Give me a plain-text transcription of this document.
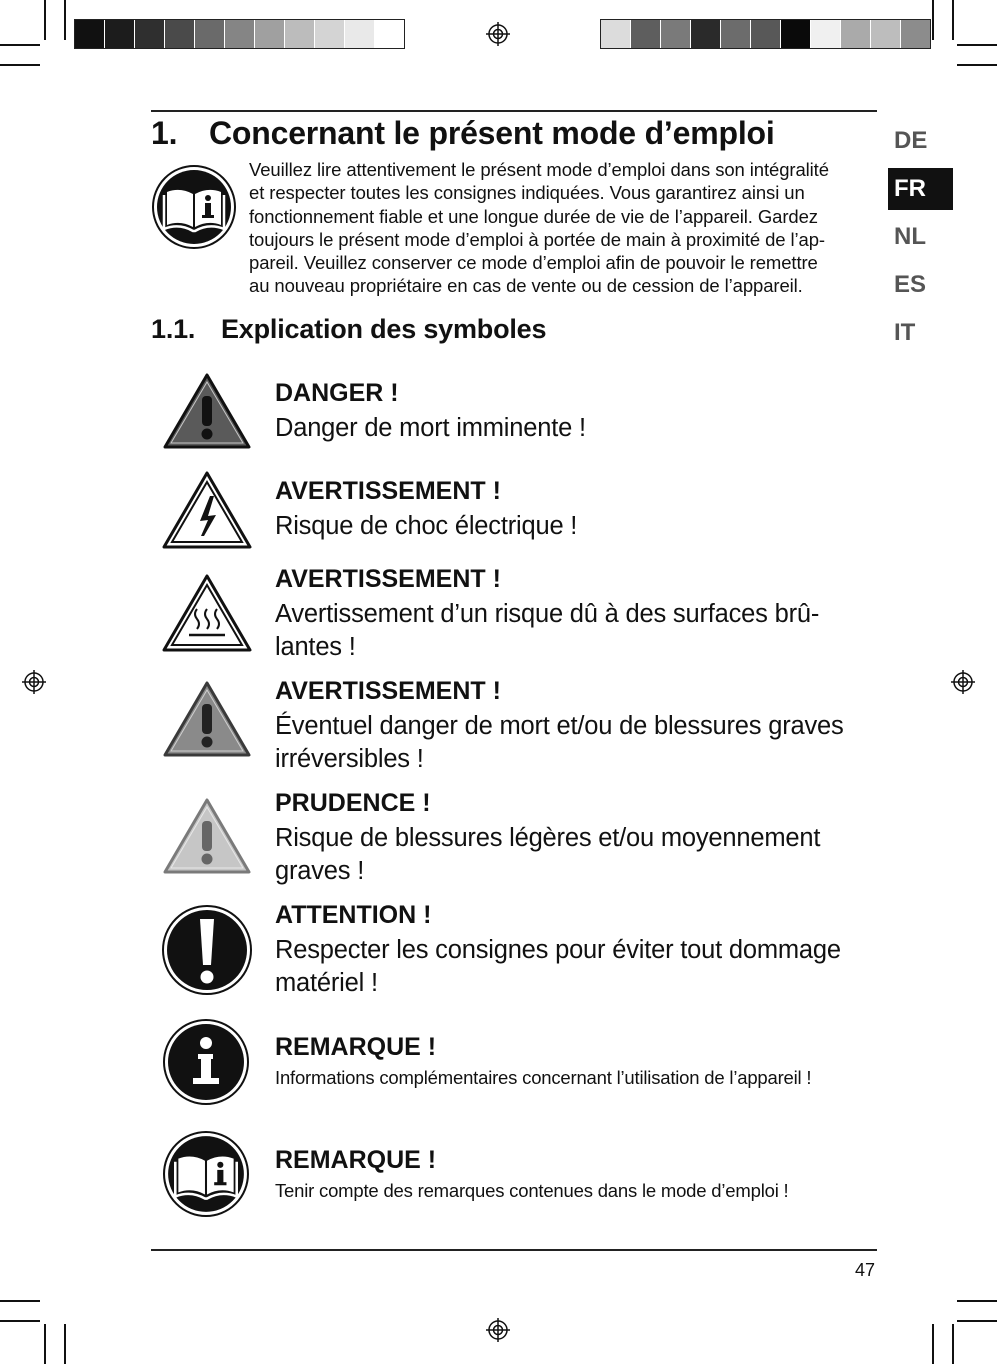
1. Concernant le présent mode d’emploi
Veuillez lire attentivement le présent mode d’emploi dans son intégralité
et respecter toutes les consignes indiquées. Vous garantirez ainsi un
fonctionnement fiable et une longue durée de vie de l’appareil. Gardez
toujours le présent mode d’emploi à portée de main à proximité de l’ap-
pareil. Veuillez conserver ce mode d’emploi afin de pouvoir le remettre
au nouveau propriétaire en cas de vente ou de cession de l’appareil.
1.1. Explication des symboles
DE
FR
NL
ES
IT
DANGER !
Danger de mort imminente !
AVERTISSEMENT !
Risque de choc électrique !
AVERTISSEMENT !
Avertissement d’un risque dû à des surfaces brû-
lantes !
AVERTISSEMENT !
Éventuel danger de mort et/ou de blessures graves
irréversibles !
PRUDENCE !
Risque de blessures légères et/ou moyennement
graves !
ATTENTION !
Respecter les consignes pour éviter tout dommage
matériel !
REMARQUE !
Informations complémentaires concernant l’utilisation de l’appareil !
REMARQUE !
Tenir compte des remarques contenues dans le mode d’emploi !
47
